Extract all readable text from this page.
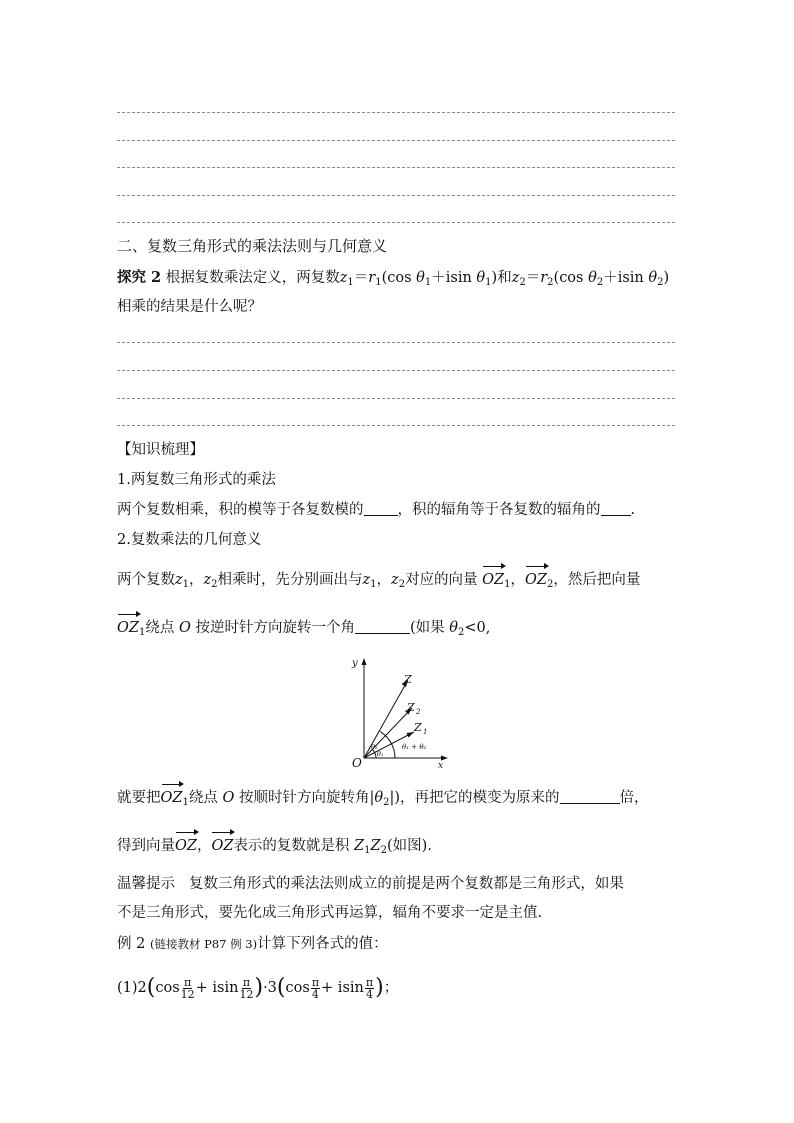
二、复数三角形式的乘法法则与几何意义
探究 2 根据复数乘法定义，两复数$z_1=r_1(\cos$ $\theta_1+isin$ $\theta_1$)和$z_2=r_2(\cos$ $\theta_2+isin$ $\theta_2$)
相乘的结果是什么呢？
【知识梳理】
1.两复数三角形式的乘法
两个复数相乘，积的模等于各复数模的 ，积的辐角等于各复数的辐角的 .
2.复数乘法的几何意义
两个复数$z_1$，$z_2$相乘时，先分别画出与$z_1$，$z_2$对应的向量 $OZ_1$，$OZ_2$，然后把向量
$OZ_1$绕点 O 按逆时针方向旋转一个角	(如果 $\theta_2<0$,
y
x
O
Z
Z 2
Z 1
θ₁
θ₂	θ₁ + θ₂
就要把$OZ_1$绕点 O 按顺时针方向旋转角$|\theta_2|$)，再把它的模变为原来的	倍，
得到向量OZ，OZ表示的复数就是积 $Z_1Z_2$(如图).
温馨提示 复数三角形式的乘法法则成立的前提是两个复数都是三角形式，如果
不是三角形式，要先化成三角形式再运算，辐角不要求一定是主值.
例 2 (链接教材 P87 例 3)计算下列各式的值：
$(1)2(\cos \frac{\pi}{12} + isin \frac{\pi}{12} )\cdot 3(\cos \frac{\pi}{4} + isin \frac{\pi}{4}$ )；
